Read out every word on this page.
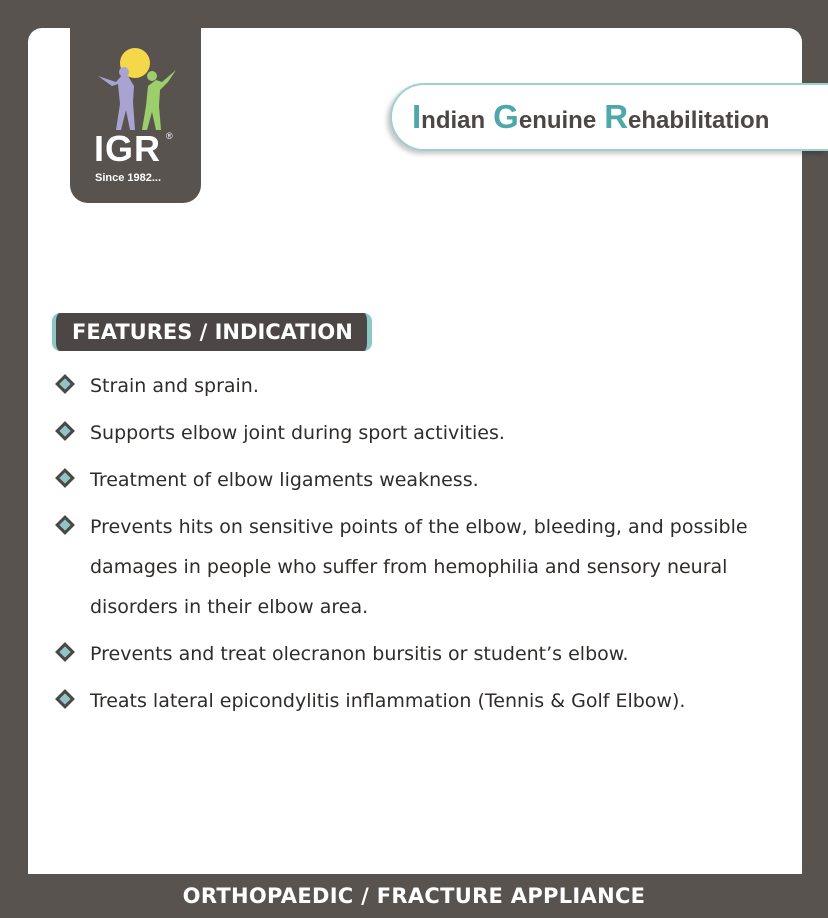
IGR ®
Since 1982...
Indian Genuine Rehabilitation
FEATURES / INDICATION
Strain and sprain.
Supports elbow joint during sport activities.
Treatment of elbow ligaments weakness.
Prevents hits on sensitive points of the elbow, bleeding, and possible damages in people who suffer from hemophilia and sensory neural disorders in their elbow area.
Prevents and treat olecranon bursitis or student’s elbow.
Treats lateral epicondylitis inflammation (Tennis & Golf Elbow).
ORTHOPAEDIC / FRACTURE APPLIANCE
